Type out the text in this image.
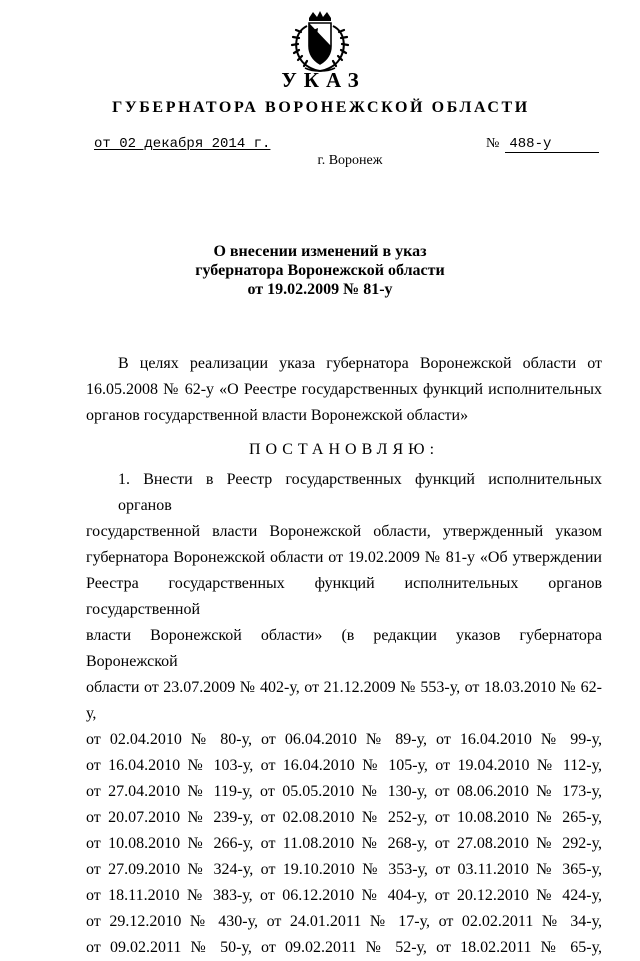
УКАЗ
ГУБЕРНАТОРА ВОРОНЕЖСКОЙ ОБЛАСТИ
от 02 декабря 2014 г.	№ 488-у
г. Воронеж
О внесении изменений в указ
губернатора Воронежской области
от 19.02.2009 № 81-у

В целях реализации указа губернатора Воронежской области от 16.05.2008 № 62-у «О Реестре государственных функций исполнительных органов государственной власти Воронежской области»

ПОСТАНОВЛЯЮ:

1. Внести в Реестр государственных функций исполнительных органов
государственной власти Воронежской области, утвержденный указом
губернатора Воронежской области от 19.02.2009 № 81-у «Об утверждении
Реестра государственных функций исполнительных органов государственной
власти Воронежской области» (в редакции указов губернатора Воронежской
области от 23.07.2009 № 402-у, от 21.12.2009 № 553-у, от 18.03.2010 № 62-у,
от 02.04.2010 № 80-у, от 06.04.2010 № 89-у, от 16.04.2010 № 99-у,
от 16.04.2010 № 103-у, от 16.04.2010 № 105-у, от 19.04.2010 № 112-у,
от 27.04.2010 № 119-у, от 05.05.2010 № 130-у, от 08.06.2010 № 173-у,
от 20.07.2010 № 239-у, от 02.08.2010 № 252-у, от 10.08.2010 № 265-у,
от 10.08.2010 № 266-у, от 11.08.2010 № 268-у, от 27.08.2010 № 292-у,
от 27.09.2010 № 324-у, от 19.10.2010 № 353-у, от 03.11.2010 № 365-у,
от 18.11.2010 № 383-у, от 06.12.2010 № 404-у, от 20.12.2010 № 424-у,
от 29.12.2010 № 430-у, от 24.01.2011 № 17-у, от 02.02.2011 № 34-у,
от 09.02.2011 № 50-у, от 09.02.2011 № 52-у, от 18.02.2011 № 65-у,
